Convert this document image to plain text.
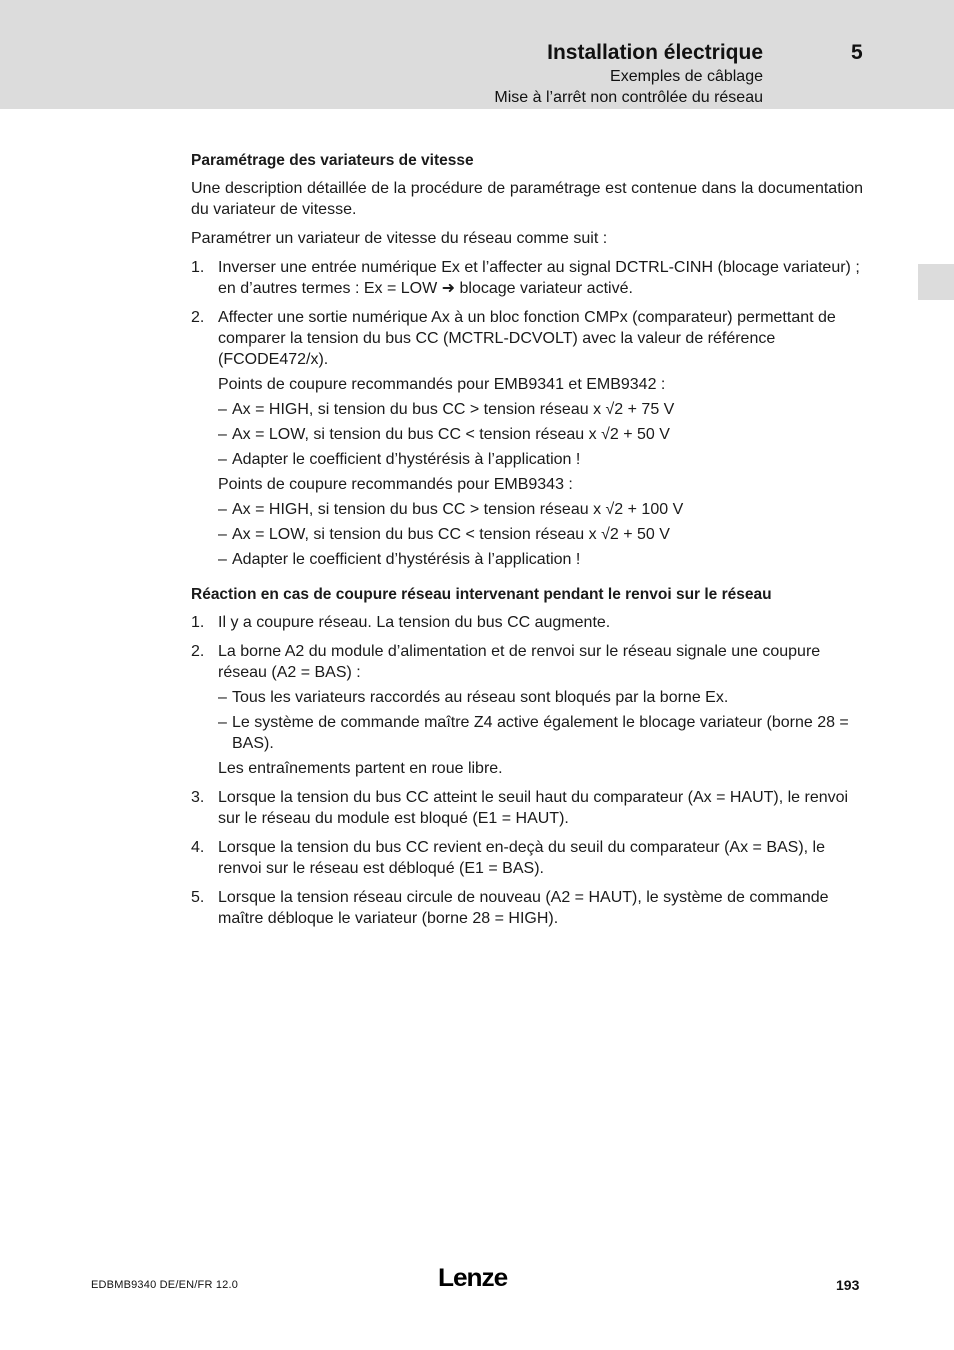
Installation électrique	5
Exemples de câblage
Mise à l’arrêt non contrôlée du réseau
Paramétrage des variateurs de vitesse

Une description détaillée de la procédure de paramétrage est contenue dans la documentation du variateur de vitesse.

Paramétrer un variateur de vitesse du réseau comme suit :

1. Inverser une entrée numérique Ex et l’affecter au signal DCTRL-CINH (blocage variateur) ; en d’autres termes : Ex = LOW ➜ blocage variateur activé.
2. Affecter une sortie numérique Ax à un bloc fonction CMPx (comparateur) permettant de comparer la tension du bus CC (MCTRL-DCVOLT) avec la valeur de référence (FCODE472/x).
Points de coupure recommandés pour EMB9341 et EMB9342 :
– Ax = HIGH, si tension du bus CC > tension réseau x √2 + 75 V
– Ax = LOW, si tension du bus CC < tension réseau x √2 + 50 V
– Adapter le coefficient d’hystérésis à l’application !
Points de coupure recommandés pour EMB9343 :
– Ax = HIGH, si tension du bus CC > tension réseau x √2 + 100 V
– Ax = LOW, si tension du bus CC < tension réseau x √2 + 50 V
– Adapter le coefficient d’hystérésis à l’application !
Réaction en cas de coupure réseau intervenant pendant le renvoi sur le réseau
1. Il y a coupure réseau. La tension du bus CC augmente.
2. La borne A2 du module d’alimentation et de renvoi sur le réseau signale une coupure réseau (A2 = BAS) :
– Tous les variateurs raccordés au réseau sont bloqués par la borne Ex.
– Le système de commande maître Z4 active également le blocage variateur (borne 28 = BAS).
Les entraînements partent en roue libre.
3. Lorsque la tension du bus CC atteint le seuil haut du comparateur (Ax = HAUT), le renvoi sur le réseau du module est bloqué (E1 = HAUT).
4. Lorsque la tension du bus CC revient en-deçà du seuil du comparateur (Ax = BAS), le renvoi sur le réseau est débloqué (E1 = BAS).
5. Lorsque la tension réseau circule de nouveau (A2 = HAUT), le système de commande maître débloque le variateur (borne 28 = HIGH).
EDBMB9340 DE/EN/FR 12.0	Lenze	193
